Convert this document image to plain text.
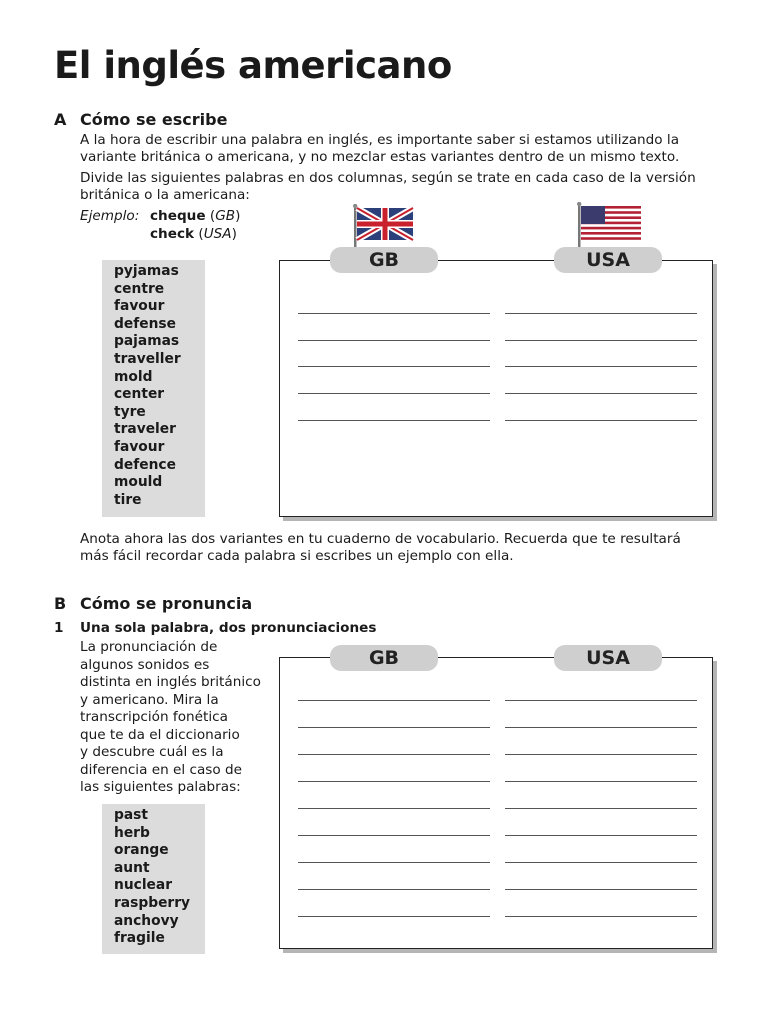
El inglés americano
A Cómo se escribe

A la hora de escribir una palabra en inglés, es importante saber si estamos utilizando la

variante británica o americana, y no mezclar estas variantes dentro de un mismo texto.

Divide las siguientes palabras en dos columnas, según se trate en cada caso de la versión

británica o la americana:

Ejemplo: cheque (GB)
check (USA)
pyjamas
centre
favour
defense
pajamas
traveller
mold
center
tyre
traveler
favour
defence
mould
tire
GB	USA

Anota ahora las dos variantes en tu cuaderno de vocabulario. Recuerda que te resultará

más fácil recordar cada palabra si escribes un ejemplo con ella.

B Cómo se pronuncia
1 Una sola palabra, dos pronunciaciones

La pronunciación de

algunos sonidos es

distinta en inglés británico

y americano. Mira la

transcripción fonética

que te da el diccionario

y descubre cuál es la

diferencia en el caso de

las siguientes palabras:

past
herb
orange
aunt
nuclear
raspberry
anchovy
fragile
GB	USA
